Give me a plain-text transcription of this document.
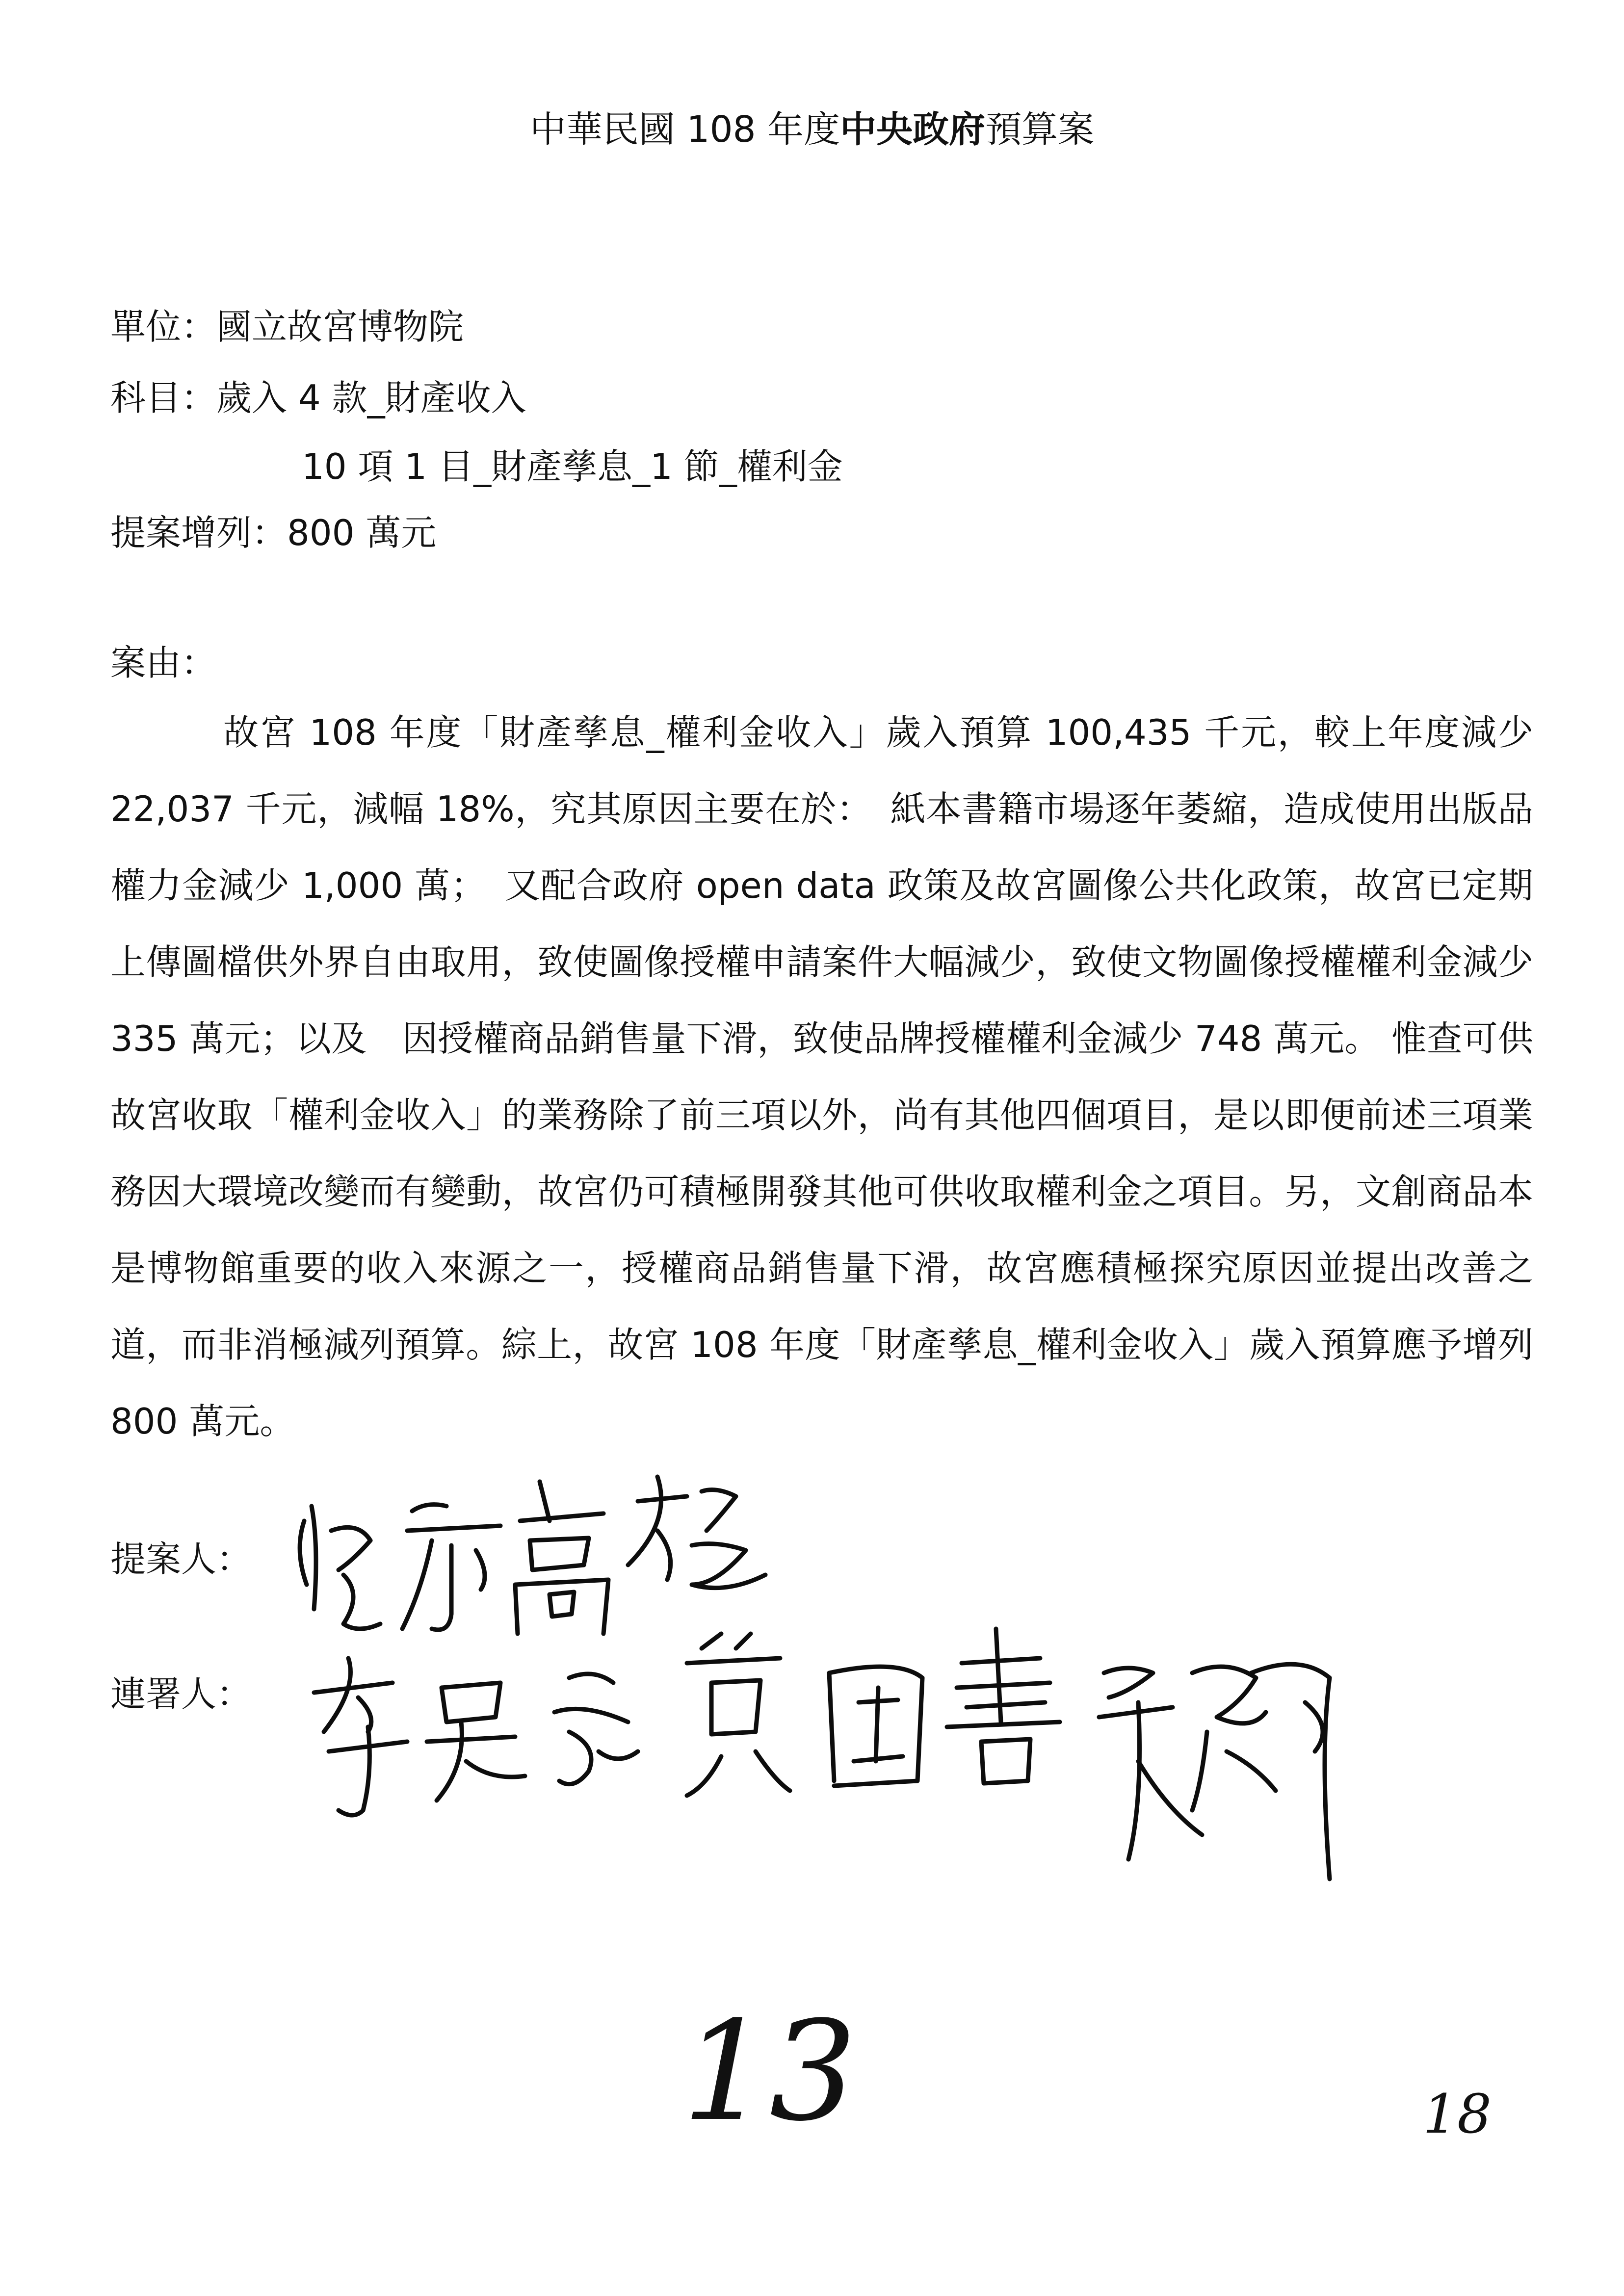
中華民國 108 年度中央政府預算案
單位：國立故宮博物院
科目：歲入 4 款_財產收入
10 項 1 目_財產孳息_1 節_權利金
提案增列：800 萬元
案由：
故宮 108 年度「財產孳息_權利金收入」歲入預算 100,435 千元，較上年度減少 22,037 千元，減幅 18%，究其原因主要在於：　紙本書籍市場逐年萎縮，造成使用出版品權力金減少 1,000 萬；　又配合政府 open data 政策及故宮圖像公共化政策，故宮已定期上傳圖檔供外界自由取用，致使圖像授權申請案件大幅減少，致使文物圖像授權權利金減少 335 萬元；以及　因授權商品銷售量下滑，致使品牌授權權利金減少 748 萬元。 惟查可供故宮收取「權利金收入」的業務除了前三項以外，尚有其他四個項目，是以即便前述三項業務因大環境改變而有變動，故宮仍可積極開發其他可供收取權利金之項目。另，文創商品本是博物館重要的收入來源之一，授權商品銷售量下滑，故宮應積極探究原因並提出改善之道，而非消極減列預算。綜上，故宮 108 年度「財產孳息_權利金收入」歲入預算應予增列 800 萬元。
提案人：
連署人：
13	18
